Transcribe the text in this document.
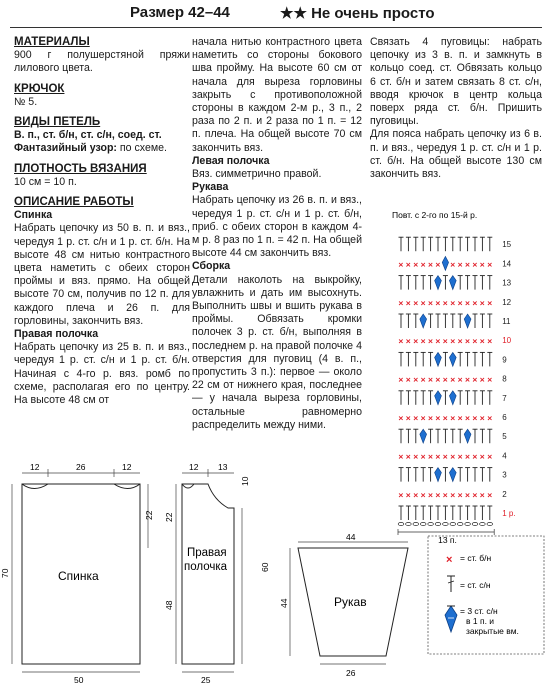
Размер 42–44	★★ Не очень просто
МАТЕРИАЛЫ

900 г полушерстяной пряжи лилового цвета.

КРЮЧОК

№ 5.

ВИДЫ ПЕТЕЛЬ

В. п., ст. б/н, ст. с/н, соед. ст.

Фантазийный узор: по схеме.

ПЛОТНОСТЬ ВЯЗАНИЯ

10 см = 10 п.

ОПИСАНИЕ РАБОТЫ

Спинка

Набрать цепочку из 50 в. п. и вяз., чередуя 1 р. ст. с/н и 1 р. ст. б/н. На высоте 48 см нитью контрастного цвета наметить с обеих сторон проймы и вяз. прямо. На общей высоте 70 см, получив по 12 п. для каждого плеча и 26 п. для горловины, закончить вяз.

Правая полочка

Набрать цепочку из 25 в. п. и вяз., чередуя 1 р. ст. с/н и 1 р. ст. б/н. Начиная с 4-го р. вяз. ромб по схеме, располагая его по центру. На высоте 48 см от

начала нитью контрастного цвета наметить со стороны бокового шва пройму. На высоте 60 см от начала для выреза горловины закрыть с противоположной стороны в каждом 2-м р., 3 п., 2 раза по 2 п. и 2 раза по 1 п. = 12 п. плеча. На общей высоте 70 см закончить вяз.

Левая полочка

Вяз. симметрично правой.

Рукава

Набрать цепочку из 26 в. п. и вяз., чередуя 1 р. ст. с/н и 1 р. ст. б/н, приб. с обеих сторон в каждом 4-м р. 8 раз по 1 п. = 42 п. На общей высоте 44 см закончить вяз.

Сборка

Детали наколоть на выкройку, увлажнить и дать им высохнуть. Выполнить швы и вшить рукава в проймы. Обвязать кромки полочек 3 р. ст. б/н, выполняя в последнем р. на правой полочке 4 отверстия для пуговиц (4 в. п., пропустить 3 п.): первое — около 22 см от нижнего края, последнее — у начала выреза горловины, остальные равномерно распределить между ними.

Связать 4 пуговицы: набрать цепочку из 3 в. п. и замкнуть в кольцо соед. ст. Обвязать кольцо 6 ст. б/н и затем связать 8 ст. с/н, вводя крючок в центр кольца поверх ряда ст. б/н. Пришить пуговицы.

Для пояса набрать цепочку из 6 в. п. и вяз., чередуя 1 р. ст. с/н и 1 р. ст. б/н. На общей высоте 130 см закончить вяз.

Повт. с 2-го по 15-й р.
15
× × × × × × × × × × × × 14
13
× × × × × × × × × × × × × 12
11
× × × × × × × × × × × × × 10
9
× × × × × × × × × × × × × 8
7
× × × × × × × × × × × × × 6
5
× × × × × × × × × × × × × 4
3
× × × × × × × × × × × × × 2
1 р.
13 п.
12	26	12
70
22
50
Спинка
12 13
22
48
10
60
25
Правая
полочка
44
44
26
Рукав
× = ст. б/н
= ст. с/н
= 3 ст. с/н
в 1 п. и
закрытые вм.
